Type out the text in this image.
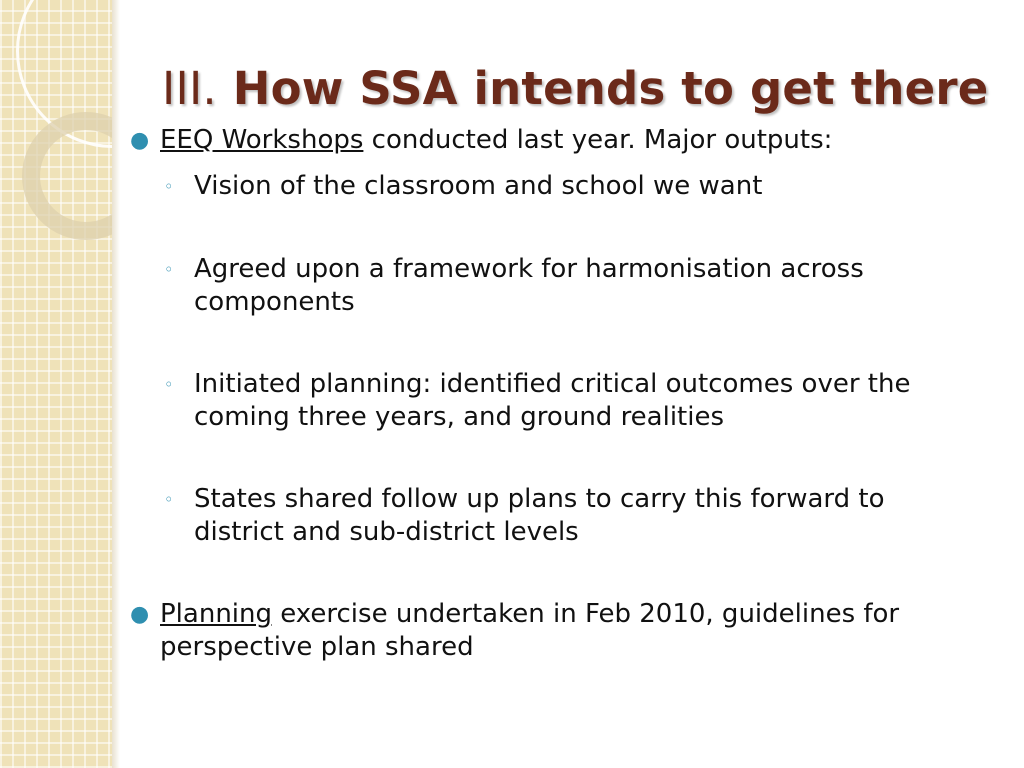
III. How SSA intends to get there
● EEQ Workshops conducted last year. Major outputs:
◦ Vision of the classroom and school we want
◦ Agreed upon a framework for harmonisation across components
◦ Initiated planning: identified critical outcomes over the coming three years, and ground realities
◦ States shared follow up plans to carry this forward to district and sub-district levels
● Planning exercise undertaken in Feb 2010, guidelines for perspective plan shared
